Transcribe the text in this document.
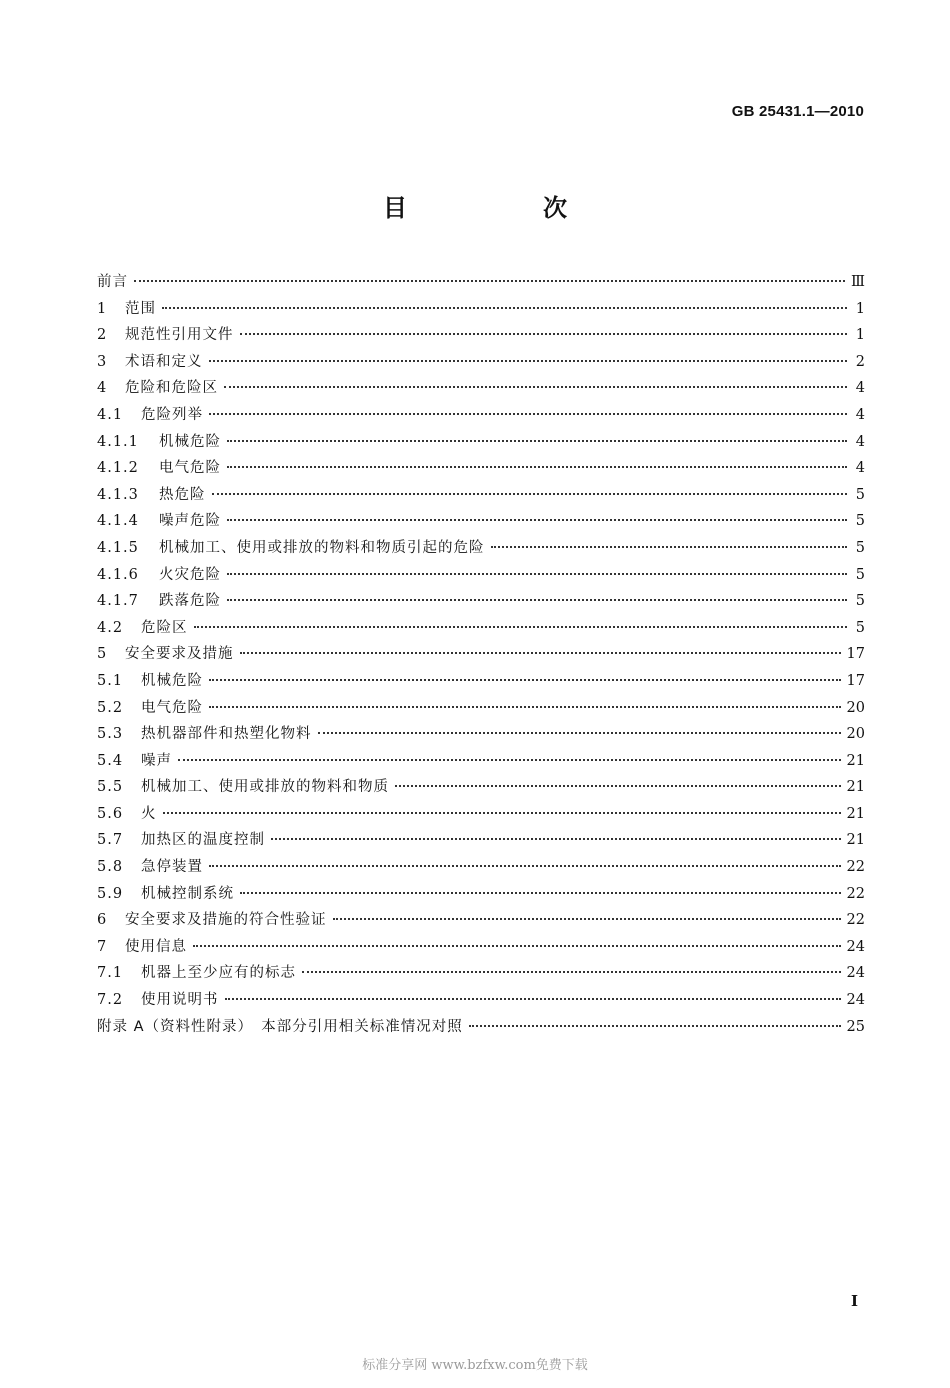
GB 25431.1—2010
目　次
前言	Ⅲ
1	范围	1
2	规范性引用文件	1
3	术语和定义	2
4	危险和危险区	4
4.1	危险列举	4
4.1.1	机械危险	4
4.1.2	电气危险	4
4.1.3	热危险	5
4.1.4	噪声危险	5
4.1.5	机械加工、使用或排放的物料和物质引起的危险	5
4.1.6	火灾危险	5
4.1.7	跌落危险	5
4.2	危险区	5
5	安全要求及措施	17
5.1	机械危险	17
5.2	电气危险	20
5.3	热机器部件和热塑化物料	20
5.4	噪声	21
5.5	机械加工、使用或排放的物料和物质	21
5.6	火	21
5.7	加热区的温度控制	21
5.8	急停装置	22
5.9	机械控制系统	22
6	安全要求及措施的符合性验证	22
7	使用信息	24
7.1	机器上至少应有的标志	24
7.2	使用说明书	24
附录 A（资料性附录）　本部分引用相关标准情况对照	25
I
标准分享网 www.bzfxw.com免费下载
